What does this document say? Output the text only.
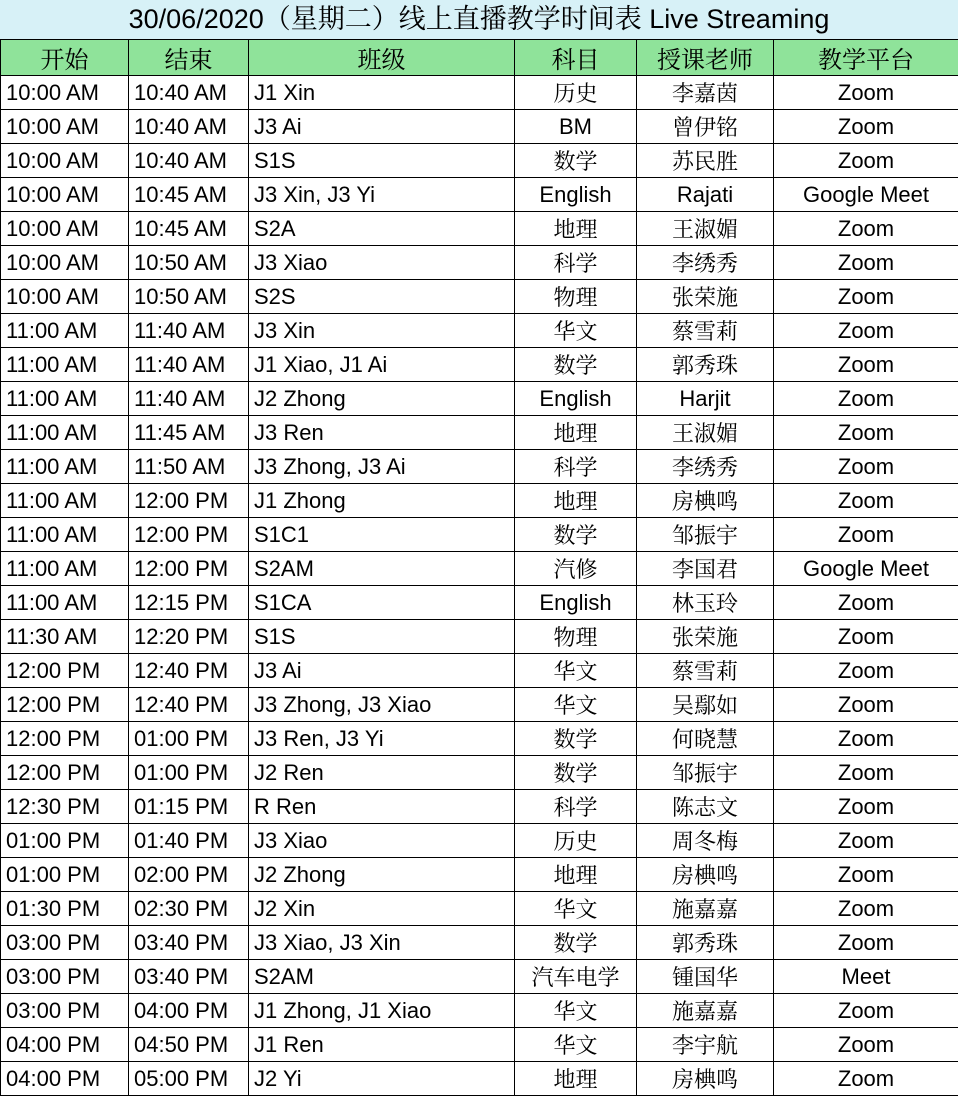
30/06/2020（星期二）线上直播教学时间表 Live Streaming
开始	结束	班级	科目	授课老师	教学平台
10:00 AM	10:40 AM	J1 Xin	历史	李嘉茵	Zoom
10:00 AM	10:40 AM	J3 Ai	BM	曾伊铭	Zoom
10:00 AM	10:40 AM	S1S	数学	苏民胜	Zoom
10:00 AM	10:45 AM	J3 Xin, J3 Yi	English	Rajati	Google Meet
10:00 AM	10:45 AM	S2A	地理	王淑媚	Zoom
10:00 AM	10:50 AM	J3 Xiao	科学	李绣秀	Zoom
10:00 AM	10:50 AM	S2S	物理	张荣施	Zoom
11:00 AM	11:40 AM	J3 Xin	华文	蔡雪莉	Zoom
11:00 AM	11:40 AM	J1 Xiao, J1 Ai	数学	郭秀珠	Zoom
11:00 AM	11:40 AM	J2 Zhong	English	Harjit	Zoom
11:00 AM	11:45 AM	J3 Ren	地理	王淑媚	Zoom
11:00 AM	11:50 AM	J3 Zhong, J3 Ai	科学	李绣秀	Zoom
11:00 AM	12:00 PM	J1 Zhong	地理	房椣鸣	Zoom
11:00 AM	12:00 PM	S1C1	数学	邹振宇	Zoom
11:00 AM	12:00 PM	S2AM	汽修	李国君	Google Meet
11:00 AM	12:15 PM	S1CA	English	林玉玲	Zoom
11:30 AM	12:20 PM	S1S	物理	张荣施	Zoom
12:00 PM	12:40 PM	J3 Ai	华文	蔡雪莉	Zoom
12:00 PM	12:40 PM	J3 Zhong, J3 Xiao	华文	吴鄢如	Zoom
12:00 PM	01:00 PM	J3 Ren, J3 Yi	数学	何晓慧	Zoom
12:00 PM	01:00 PM	J2 Ren	数学	邹振宇	Zoom
12:30 PM	01:15 PM	R Ren	科学	陈志文	Zoom
01:00 PM	01:40 PM	J3 Xiao	历史	周冬梅	Zoom
01:00 PM	02:00 PM	J2 Zhong	地理	房椣鸣	Zoom
01:30 PM	02:30 PM	J2 Xin	华文	施嘉嘉	Zoom
03:00 PM	03:40 PM	J3 Xiao, J3 Xin	数学	郭秀珠	Zoom
03:00 PM	03:40 PM	S2AM	汽车电学	锺国华	Meet
03:00 PM	04:00 PM	J1 Zhong, J1 Xiao	华文	施嘉嘉	Zoom
04:00 PM	04:50 PM	J1 Ren	华文	李宇航	Zoom
04:00 PM	05:00 PM	J2 Yi	地理	房椣鸣	Zoom
